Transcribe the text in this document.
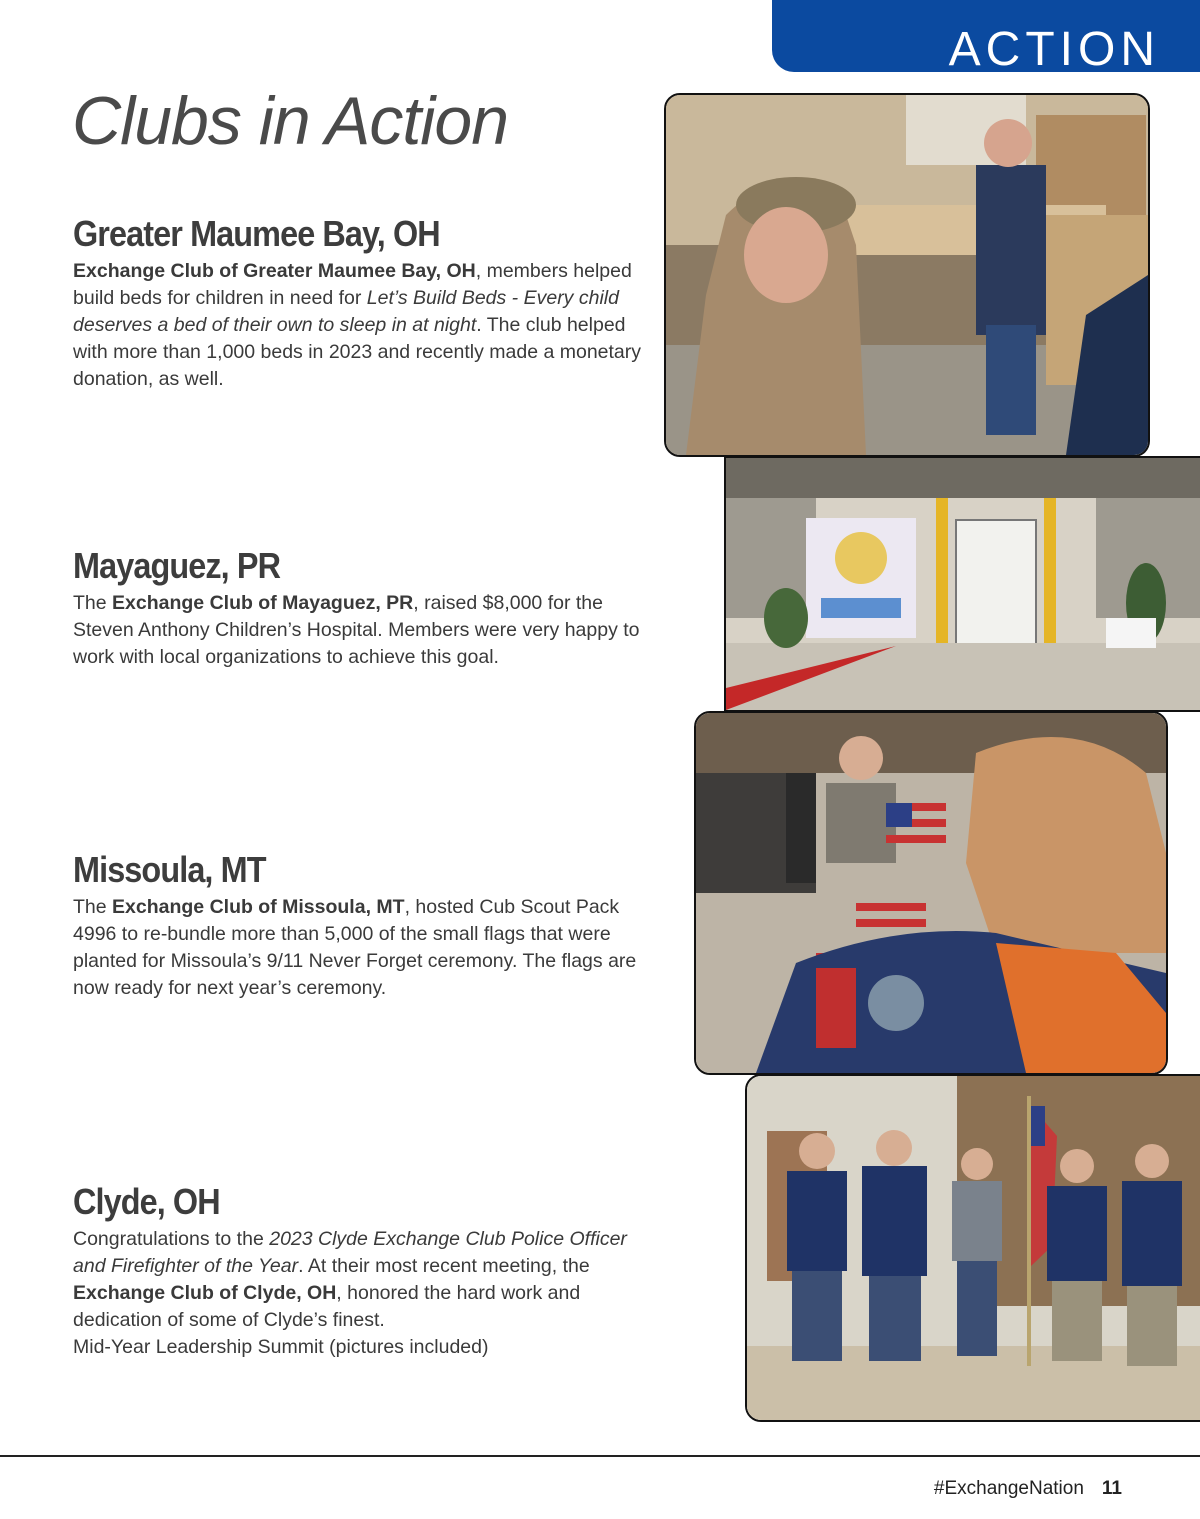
ACTION
Clubs in Action
Greater Maumee Bay, OH

Exchange Club of Greater Maumee Bay, OH, members helped build beds for children in need for Let’s Build Beds - Every child deserves a bed of their own to sleep in at night. The club helped with more than 1,000 beds in 2023 and recently made a monetary donation, as well.

Mayaguez, PR

The Exchange Club of Mayaguez, PR, raised $8,000 for the Steven Anthony Children’s Hospital. Members were very happy to work with local organizations to achieve this goal.

Missoula, MT

The Exchange Club of Missoula, MT, hosted Cub Scout Pack 4996 to re-bundle more than 5,000 of the small flags that were planted for Missoula’s 9/11 Never Forget ceremony. The flags are now ready for next year’s ceremony.

Clyde, OH

Congratulations to the 2023 Clyde Exchange Club Police Officer and Firefighter of the Year. At their most recent meeting, the Exchange Club of Clyde, OH, honored the hard work and dedication of some of Clyde’s finest.

Mid-Year Leadership Summit (pictures included)

#ExchangeNation 11
